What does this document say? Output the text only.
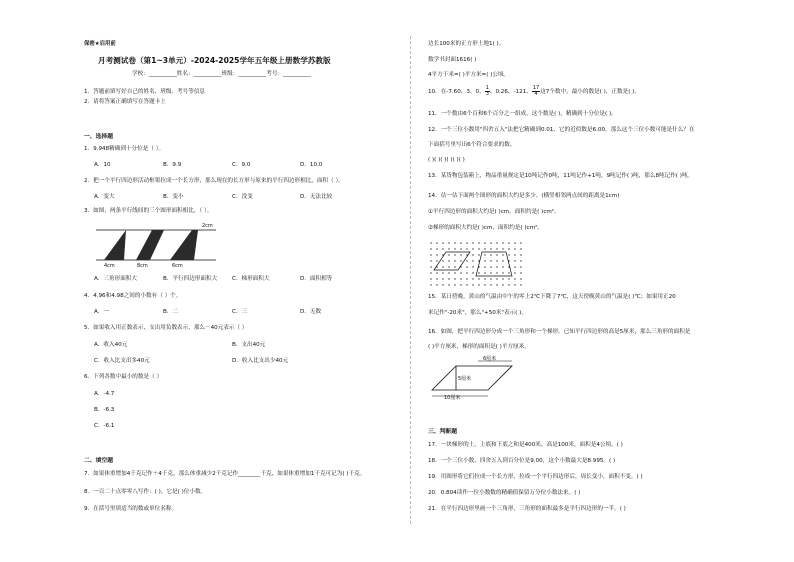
保密★启用前
月考测试卷（第1~3单元）-2024-2025学年五年级上册数学苏教版
学校：__________姓名：__________班级：__________考号：__________
1．答题前填写好自己的姓名、班级、考号等信息
2．请将答案正确填写在答题卡上
一、选择题
1．9.948精确到十分位是（ ）。
A．10	B．9.9	C．9.0	D．10.0
2．把一个平行四边形活动框架拉成一个长方形，那么现在的长方形与原来的平行四边形相比，面积（ ）。
A．变大	B．变小	C．没变	D．无法比较
3．如图，两条平行线间的三个图形面积相比，（ ）。
2cm
4cm	8cm	6cm
A．三角形面积大	B．平行四边形面积大	C．梯形面积大	D．面积相等
4．4.96和4.98之间的小数有（ ）个。
A．一	B．二	C．三	D．无数
5．如果收入用正数表示，支出用负数表示，那么－40元表示（ ）
A．收入40元	B．支出40元
C．收入比支出多40元	D．收入比支出少40元
6．下列各数中最小的数是（ ）
A．-4.7
B．-6.3
C．-6.1
二、填空题
7．如果体重增加4千克记作＋4千克，那么体重减少2千克记作________千克，如果体重增加1千克可记为( )千克。
8．一百二十点零零八写作：( )，它是( )位小数。
9．在括号里填适当的数或单位名称。
边长100米的正方形土地1( )。
数学书封面1616( )
4平方千米=( )平方米=( )公顷。
10．在-7.60、3、0、 $\frac{1}{3}$ 、0.26、-121、 $\frac{17}{4}$ 这7个数中，最小的数是( )，正数是( )。
11．一个数由6个百和6个百分之一组成，这个数是( )，精确到十分位是( )。
12．一个三位小数用"四舍五入"法把它精确到0.01，它的近似数是6.00，那么这个三位小数可能是什么？在
下面括号里写出6个符合要求的数。
( )( )( )( )( )( )
13．某货物包装箱上，物品重量规定是10吨记作0吨，11吨记作+1吨，9吨记作( )吨，那么8吨记作( )吨。
14．估一估下面两个图形的面积大约是多少。(横竖相邻两点间的距离是1cm)
①平行四边形的面积大约是( )cm，面积约是( )cm²。
②梯形的面积大约是( )cm，面积约是( )cm²。
15．某日傍晚，黄山的气温由中午的零上2℃下降了7℃，这天傍晚黄山的气温是( )℃；如果用正20
米记作"-20米"，那么"+50米"表示( )。
16．如图，把平行四边形分成一个三角形和一个梯形。已知平行四边形的高是5厘米，那么三角形的面积是
( )平方厘米，梯形的面积是( )平方厘米。
6厘米
5厘米
10厘米
三、判断题
17．一块梯形的土，上底和下底之和是400米，高是100米，面积是4公顷。( )
18．一个三位小数，四舍五入到百分位是9.00，这个小数最大是8.995。( )
19．用图形将它们拉成一个长方形，拉成一个平行四边形后，周长变小，面积不变。( )
20．0.804读作一位小数数的精确值保留万分位小数法来。( )
21．在平行四边形里画一个三角形，三角形的面积最多是平行四边形的一半。( )
